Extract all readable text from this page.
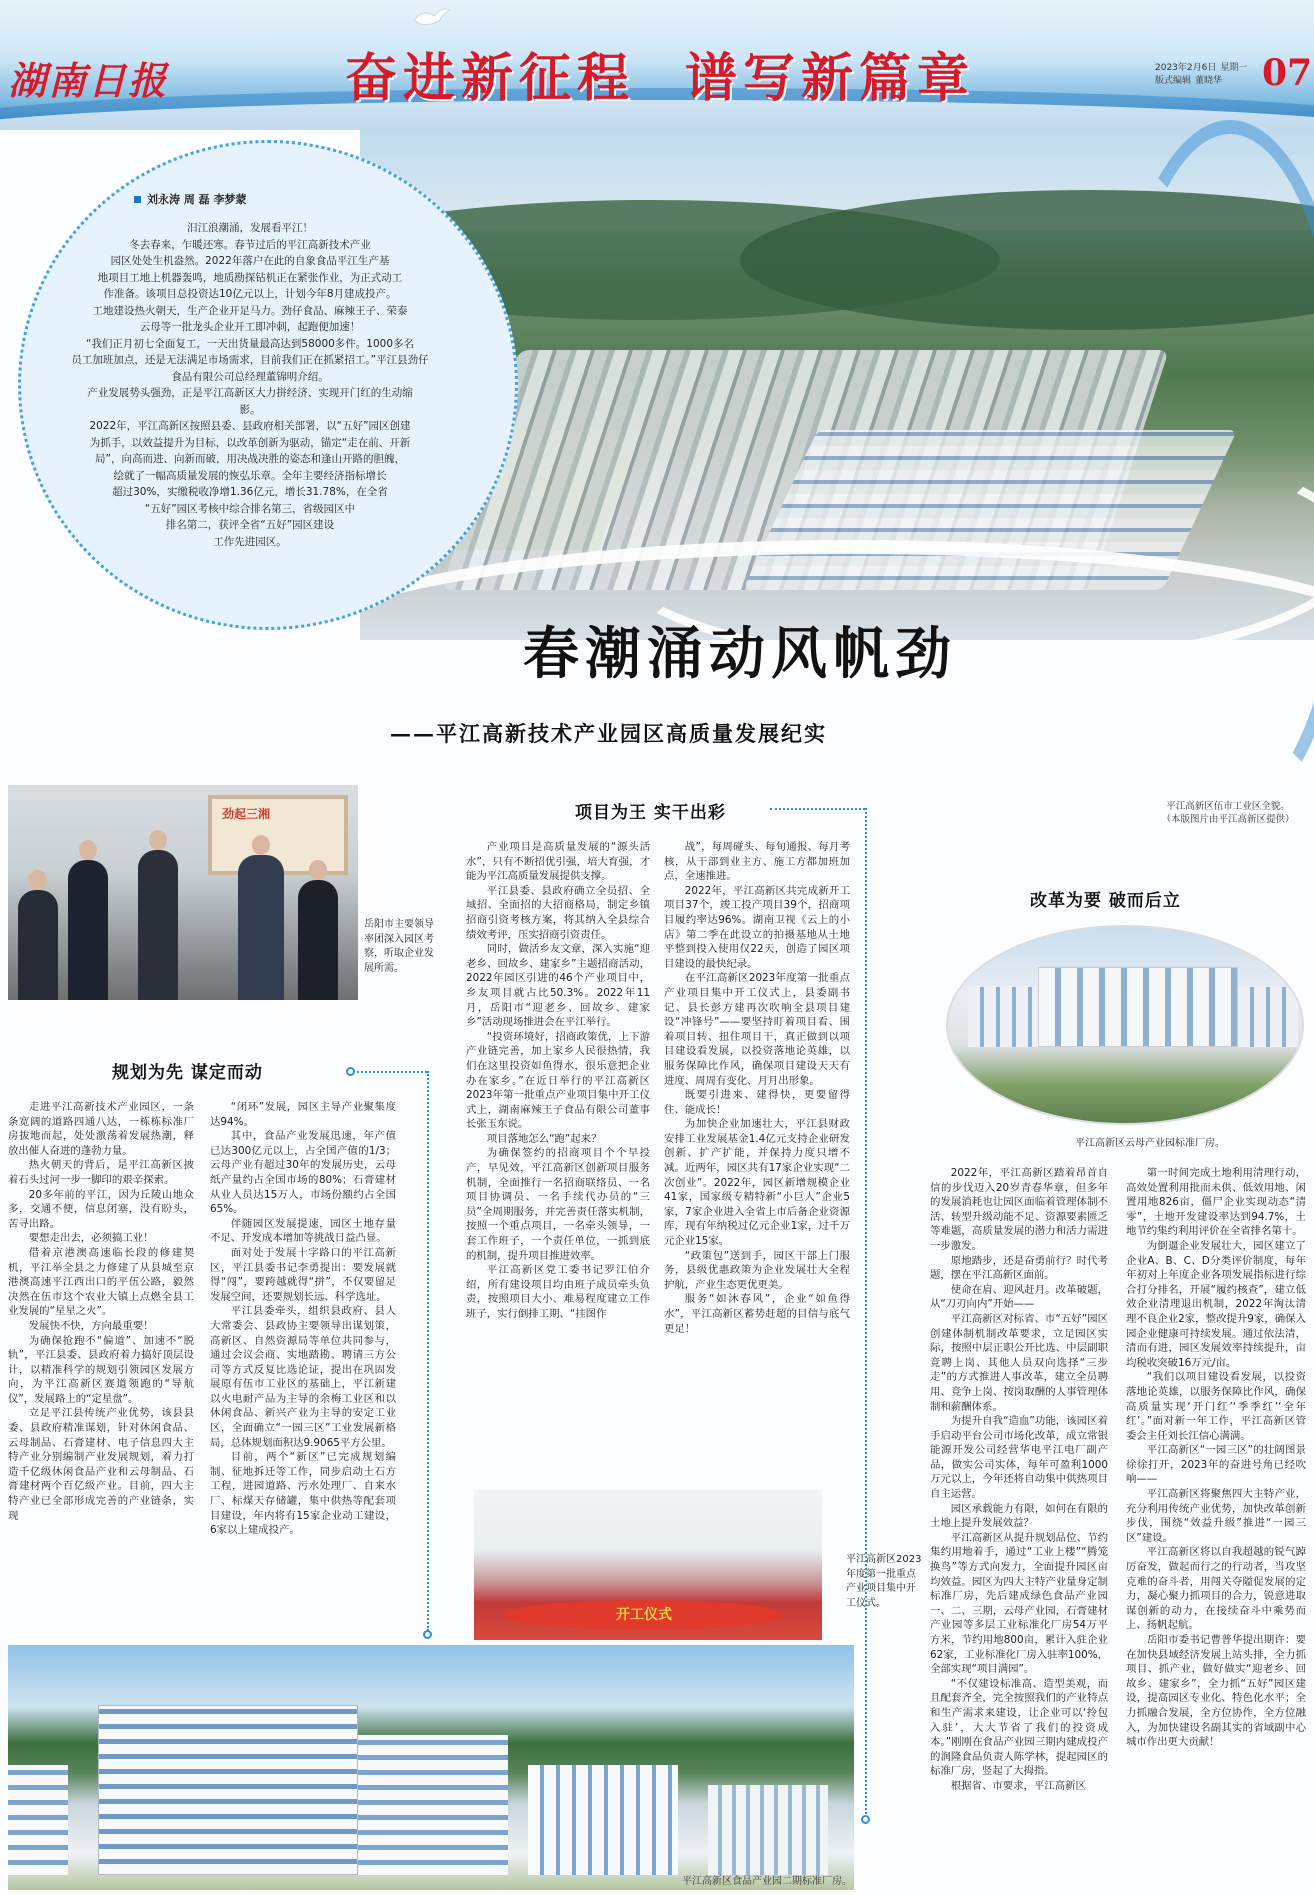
湖南日报	奋进新征程 谱写新篇章	2023年2月6日 星期一
版式编辑 董晓华	07
刘永涛 周 磊 李梦蒙
汨江浪潮涌，发展看平江！
冬去春来，乍暖还寒。春节过后的平江高新技术产业
园区处处生机盎然。2022年落户在此的自象食品平江生产基
地项目工地上机器轰鸣，地质勘探钻机正在紧张作业，为正式动工
作准备。该项目总投资达10亿元以上，计划今年8月建成投产。
工地建设热火朝天，生产企业开足马力。劲仔食品、麻辣王子、荣泰
云母等一批龙头企业开工即冲刺，起跑便加速！
“我们正月初七全面复工，一天出货量最高达到58000多件。1000多名
员工加班加点，还是无法满足市场需求，目前我们正在抓紧招工。”平江县劲仔
食品有限公司总经理董锦明介绍。
产业发展势头强劲，正是平江高新区大力拼经济、实现开门红的生动缩
影。
2022年，平江高新区按照县委、县政府相关部署，以“五好”园区创建
为抓手，以效益提升为目标，以改革创新为驱动，锚定“走在前、开新
局”，向高而进、向新而破，用决战决胜的姿态和逢山开路的胆魄，
绘就了一幅高质量发展的恢弘乐章。全年主要经济指标增长
超过30%，实缴税收净增1.36亿元，增长31.78%，在全省
“五好”园区考核中综合排名第三，省级园区中
排名第二，获评全省“五好”园区建设
工作先进园区。
春潮涌动风帆劲
——平江高新技术产业园区高质量发展纪实
平江高新区伍市工业区全貌。
（本版图片由平江高新区提供）
劲起三湘
岳阳市主要领导率团深入园区考察，听取企业发展所需。
平江高新区云母产业园标准厂房。
开工仪式
平江高新区2023年度第一批重点产业项目集中开工仪式。
平江高新区食品产业园二期标准厂房。
规划为先 谋定而动

走进平江高新技术产业园区，一条条宽阔的道路四通八达，一栋栋标准厂房拔地而起，处处激荡着发展热潮，释放出催人奋进的蓬勃力量。

热火朝天的背后，是平江高新区披着石头过河一步一脚印的艰辛探索。

20多年前的平江，因为丘陵山地众多，交通不便，信息闭塞，没有盼头，苦寻出路。

要想走出去，必须搞工业！

借着京港澳高速临长段的修建契机，平江举全县之力修建了从县城至京港澳高速平江西出口的平伍公路，毅然决然在伍市这个农业大镇上点燃全县工业发展的“星星之火”。

发展快不快，方向最重要！

为确保抢跑不“偏道”、加速不“脱轨”，平江县委、县政府着力搞好顶层设计，以精准科学的规划引领园区发展方向，为平江高新区赛道领跑的“导航仪”，发展路上的“定星盘”。

立足平江县传统产业优势，该县县委、县政府精准谋划，针对休闲食品、云母制品、石膏建材、电子信息四大主特产业分别编制产业发展规划，着力打造千亿级休闲食品产业和云母制品、石膏建材两个百亿级产业。目前，四大主特产业已全部形成完善的产业链条，实现

“闭环”发展，园区主导产业聚集度达94%。

其中，食品产业发展迅速，年产值已达300亿元以上，占全国产值的1/3；云母产业有超过30年的发展历史，云母纸产量约占全国市场的80%；石膏建材从业人员达15万人，市场份额约占全国65%。

伴随园区发展提速，园区土地存量不足、开发成本增加等挑战日益凸显。

面对处于发展十字路口的平江高新区，平江县委书记李勇提出：要发展就得“闯”，要跨越就得“拼”，不仅要留足发展空间，还要规划长远、科学选址。

平江县委牵头，组织县政府、县人大常委会、县政协主要领导出谋划策，高新区、自然资源局等单位共同参与，通过会议会商、实地踏勘、聘请三方公司等方式反复比选论证，提出在巩固发展原有伍市工业区的基础上，平江新建以火电耐产品为主导的余梅工业区和以休闲食品、新兴产业为主导的安定工业区，全面确立“一园三区”工业发展新格局，总体规划面积达9.9065平方公里。

目前，两个“新区”已完成规划编制、征地拆迁等工作，同步启动土石方工程，进园道路、污水处理厂、自来水厂、标煤天存储罐，集中供热等配套项目建设，年内将有15家企业动工建设，6家以上建成投产。

项目为王 实干出彩

产业项目是高质量发展的“源头活水”，只有不断招优引强，培大育强，才能为平江高质量发展提供支撑。

平江县委、县政府确立全员招、全域招、全面招的大招商格局，制定乡镇招商引资考核方案，将其纳入全县综合绩效考评，压实招商引资责任。

同时，做活乡友文章，深入实施“迎老乡、回故乡、建家乡”主题招商活动，2022年园区引进的46个产业项目中，乡友项目就占比50.3%。2022年11月，岳阳市“迎老乡、回故乡、建家乡”活动现场推进会在平江举行。

“投资环境好，招商政策优，上下游产业链完善，加上家乡人民很热情，我们在这里投资如鱼得水，很乐意把企业办在家乡。”在近日举行的平江高新区2023年第一批重点产业项目集中开工仪式上，湖南麻辣王子食品有限公司董事长张玉东说。

项目落地怎么“跑”起来？

为确保签约的招商项目个个早投产，早见效，平江高新区创新项目服务机制，全面推行一名招商联络员、一名项目协调员、一名手续代办员的“三员”全周期服务，并完善责任落实机制，按照一个重点项目，一名牵头领导，一套工作班子，一个责任单位，一抓到底的机制，提升项目推进效率。

平江高新区党工委书记罗江伯介绍，所有建设项目均由班子成员牵头负责，按照项目大小、难易程度建立工作班子，实行倒排工期、“挂图作

战”，每周碰头、每旬通报、每月考核，从干部到业主方、施工方都加班加点，全速推进。

2022年，平江高新区共完成新开工项目37个，竣工投产项目39个，招商项目履约率达96%。湖南卫视《云上的小店》第二季在此设立的拍摄基地从土地平整到投入使用仅22天，创造了园区项目建设的最快纪录。

在平江高新区2023年度第一批重点产业项目集中开工仪式上，县委副书记、县长彭方建再次吹响全县项目建设“冲锋号”——要坚持盯着项目看、围着项目转、扭住项目干，真正做到以项目建设看发展，以投资落地论英雄，以服务保障比作风，确保项目建设天天有进度、周周有变化、月月出形象。

既要引进来、建得快，更要留得住、能成长！

为加快企业加速壮大，平江县财政安排工业发展基金1.4亿元支持企业研发创新、扩产扩能，并保持力度只增不减。近两年，园区共有17家企业实现“二次创业”。2022年，园区新增规模企业41家，国家级专精特新“小巨人”企业5家，7家企业进入全省上市后备企业资源库，现有年纳税过亿元企业1家，过千万元企业15家。

“政策包”送到手，园区干部上门服务，县级优惠政策为企业发展壮大全程护航，产业生态更优更美。

服务“如沐春风”，企业“如鱼得水”，平江高新区蓄势赶超的目信与底气更足！

改革为要 破而后立

2022年，平江高新区踏着昂首自信的步伐迈入20岁青春华章，但多年的发展消耗也让园区面临着管理体制不活、转型升级动能不足、资源要素匮乏等难题，高质量发展的潜力和活力需进一步激发。

原地踏步，还是奋勇前行？时代考题，摆在平江高新区面前。

使命在肩、迎风赶月。改革破题，从“刀刃向内”开始——

平江高新区对标省、市“五好”园区创建体制机制改革要求，立足园区实际，按照中层正职公开比选、中层副职竞聘上岗、其他人员双向选择“三步走”的方式推进人事改革，建立全员聘用、竞争上岗、按岗取酬的人事管理体制和薪酬体系。

为提升自我“造血”功能，该园区着手启动平台公司市场化改革，成立常银能源开发公司经营华电平江电厂副产品，做实公司实体，每年可盈利1000万元以上，今年还将自动集中供热项目自主运营。

园区承载能力有限，如何在有限的土地上提升发展效益？

平江高新区从提升规划品位、节约集约用地着手，通过“工业上楼”“腾笼换鸟”等方式向发力，全面提升园区亩均效益。园区为四大主特产业量身定制标准厂房，先后建成绿色食品产业园一、二、三期，云母产业园，石膏建材产业园等多层工业标准化厂房54万平方米，节约用地800亩，累计入驻企业62家，工业标准化厂房入驻率100%，全部实现“项目满园”。

“不仅建设标准高、造型美观，而且配套齐全，完全按照我们的产业特点和生产需求来建设，让企业可以‘拎包入驻’，大大节省了我们的投资成本。”刚刚在食品产业园三期内建成投产的润隆食品负责人陈学林，提起园区的标准厂房，竖起了大拇指。

根据省、市要求，平江高新区

第一时间完成土地利用清理行动，高效处置利用批而未供、低效用地、闲置用地826亩，僵尸企业实现动态“清零”，土地开发建设率达到94.7%，土地节约集约利用评价在全省排名第十。

为倒逼企业发展壮大，园区建立了企业A、B、C、D分类评价制度，每年年初对上年度企业各项发展指标进行综合打分排名，开展“履约核查”，建立低效企业清理退出机制，2022年淘汰清理不良企业2家，整改提升9家，确保入园企业健康可持续发展。通过依法清，清而有进，园区发展效率持续提升，亩均税收突破16万元/亩。

“我们以项目建设看发展，以投资落地论英雄，以服务保障比作风，确保高质量实现‘开门红’‘季季红’‘全年红’。”面对新一年工作，平江高新区管委会主任刘长江信心满满。

平江高新区“一园三区”的壮阔图景徐徐打开，2023年的奋进号角已经吹响——

平江高新区将聚焦四大主特产业，充分利用传统产业优势，加快改革创新步伐，围绕“效益升级”推进“一园三区”建设。

平江高新区将以自我超越的锐气踔厉奋发，做起而行之的行动者，当攻坚克难的奋斗者，用闯关夺隘促发展的定力，凝心聚力抓项目的合力，锐意进取谋创新的动力，在接续奋斗中乘势而上、扬帆起航。

岳阳市委书记曹普华提出期许：要在加快县域经济发展上站头排，全力抓项目、抓产业，做好做实“迎老乡、回故乡、建家乡”，全力抓“五好”园区建设，提高园区专业化、特色化水平；全力抓融合发展，全方位协作，全方位融入，为加快建设名副其实的省域副中心城市作出更大贡献！
